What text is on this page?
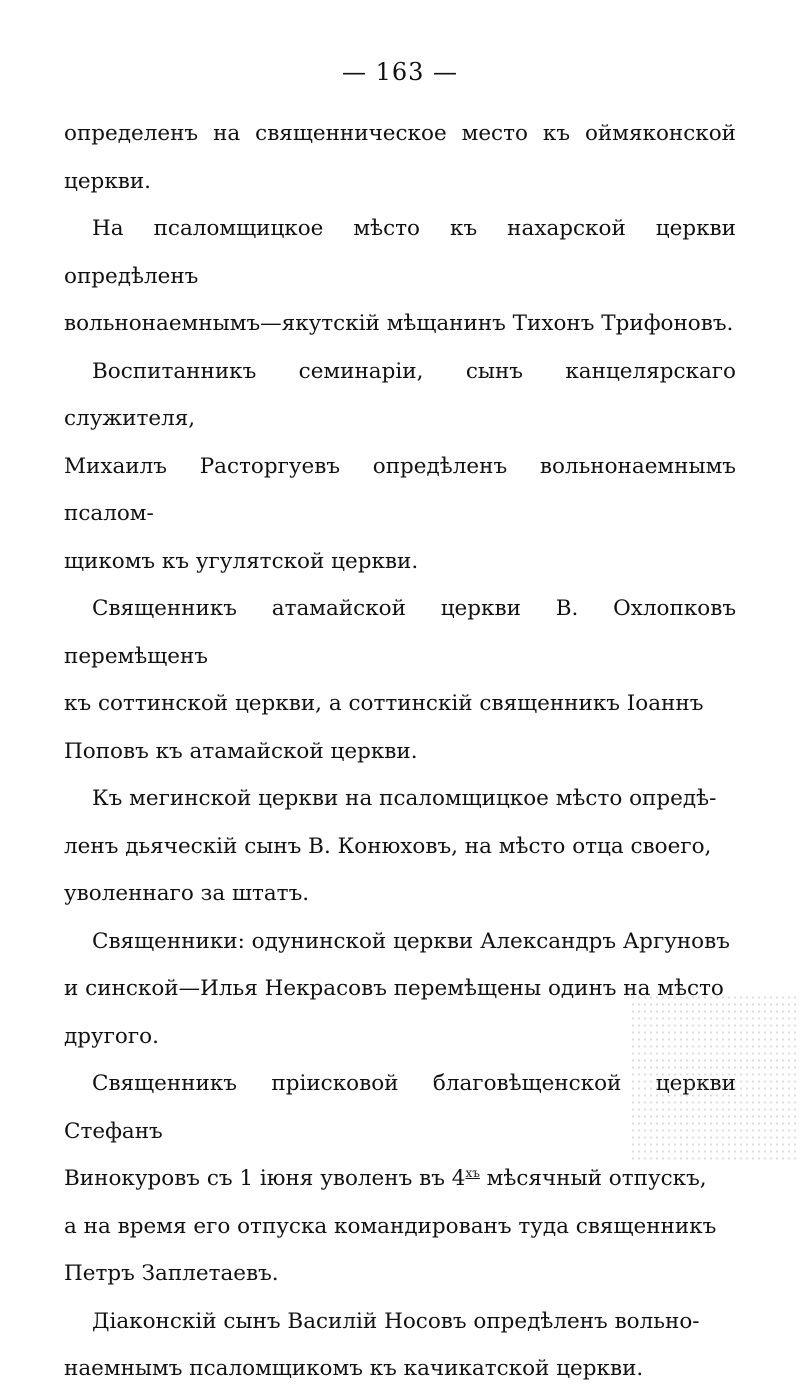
— 163 —

определенъ на священническое место къ оймяконской церкви.

На псаломщицкое мѣсто къ нахарской церкви опредѣленъ
вольнонаемнымъ—якутскiй мѣщанинъ Тихонъ Трифоновъ.

Воспитанникъ семинарiи, сынъ канцелярскаго служителя,
Михаилъ Расторгуевъ опредѣленъ вольнонаемнымъ псалом-
щикомъ къ угулятской церкви.

Священникъ атамайской церкви В. Охлопковъ перемѣщенъ
къ соттинской церкви, а соттинскiй священникъ Iоаннъ
Поповъ къ атамайской церкви.

Къ мегинской церкви на псаломщицкое мѣсто опредѣ-
ленъ дьяческiй сынъ В. Конюховъ, на мѣсто отца своего,
уволеннаго за штатъ.

Священники: одунинской церкви Александръ Аргуновъ
и синской—Илья Некрасовъ перемѣщены одинъ на мѣсто
другого.

Священникъ прiисковой благовѣщенской церкви Стефанъ
Винокуровъ съ 1 iюня уволенъ въ $4^{хъ}$ мѣсячный отпускъ,
а на время его отпуска командированъ туда священникъ
Петръ Заплетаевъ.

Дiаконскiй сынъ Василiй Носовъ опредѣленъ вольно-
наемнымъ псаломщикомъ къ качикатской церкви.
